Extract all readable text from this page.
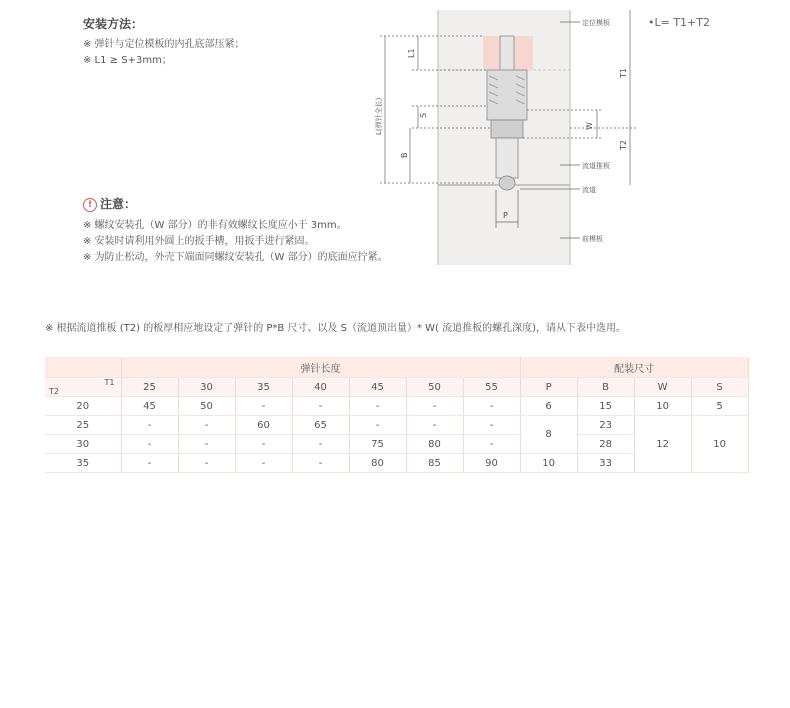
安装方法：
※ 弹针与定位模板的内孔底部压紧；
※ L1 ≥ S+3mm；
! 注意：
※ 螺纹安装孔（W 部分）的非有效螺纹长度应小于 3mm。
※ 安装时请利用外圆上的扳手槽，用扳手进行紧固。
※ 为防止松动，外壳下端面同螺纹安装孔（W 部分）的底面应拧紧。
L1
S
B
L(弹针全长)
T1
W
T2
P
定位模板
流道推板
流道
前模板
•L= T1+T2
※ 根据流道推板 (T2) 的板厚相应地设定了弹针的 P*B 尺寸、以及 S（流道顶出量）* W( 流道推板的螺孔深度)，请从下表中选用。
	弹针长度							配装尺寸			

T1
T2	25	30	35	40	45	50	55	P	B	W	S
20	45	50	-	-	-	-	-	6	15	10	5
25	-	-	60	65	-	-	-	8	23	12	10
30	-	-	-	-	75	80	-		28		
35	-	-	-	-	80	85	90	10	33		
